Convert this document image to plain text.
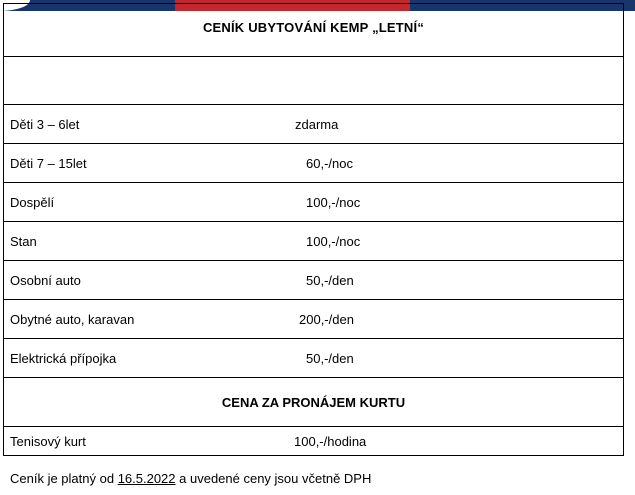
CENÍK UBYTOVÁNÍ KEMP „LETNÍ“

Děti 3 – 6let	zdarma

Děti 7 – 15let	60,-/noc

Dospělí	100,-/noc

Stan	100,-/noc

Osobní auto	50,-/den

Obytné auto, karavan	200,-/den

Elektrická přípojka	50,-/den

CENA ZA PRONÁJEM KURTU
Tenisový kurt	100,-/hodina
Ceník je platný od 16.5.2022 a uvedené ceny jsou včetně DPH
